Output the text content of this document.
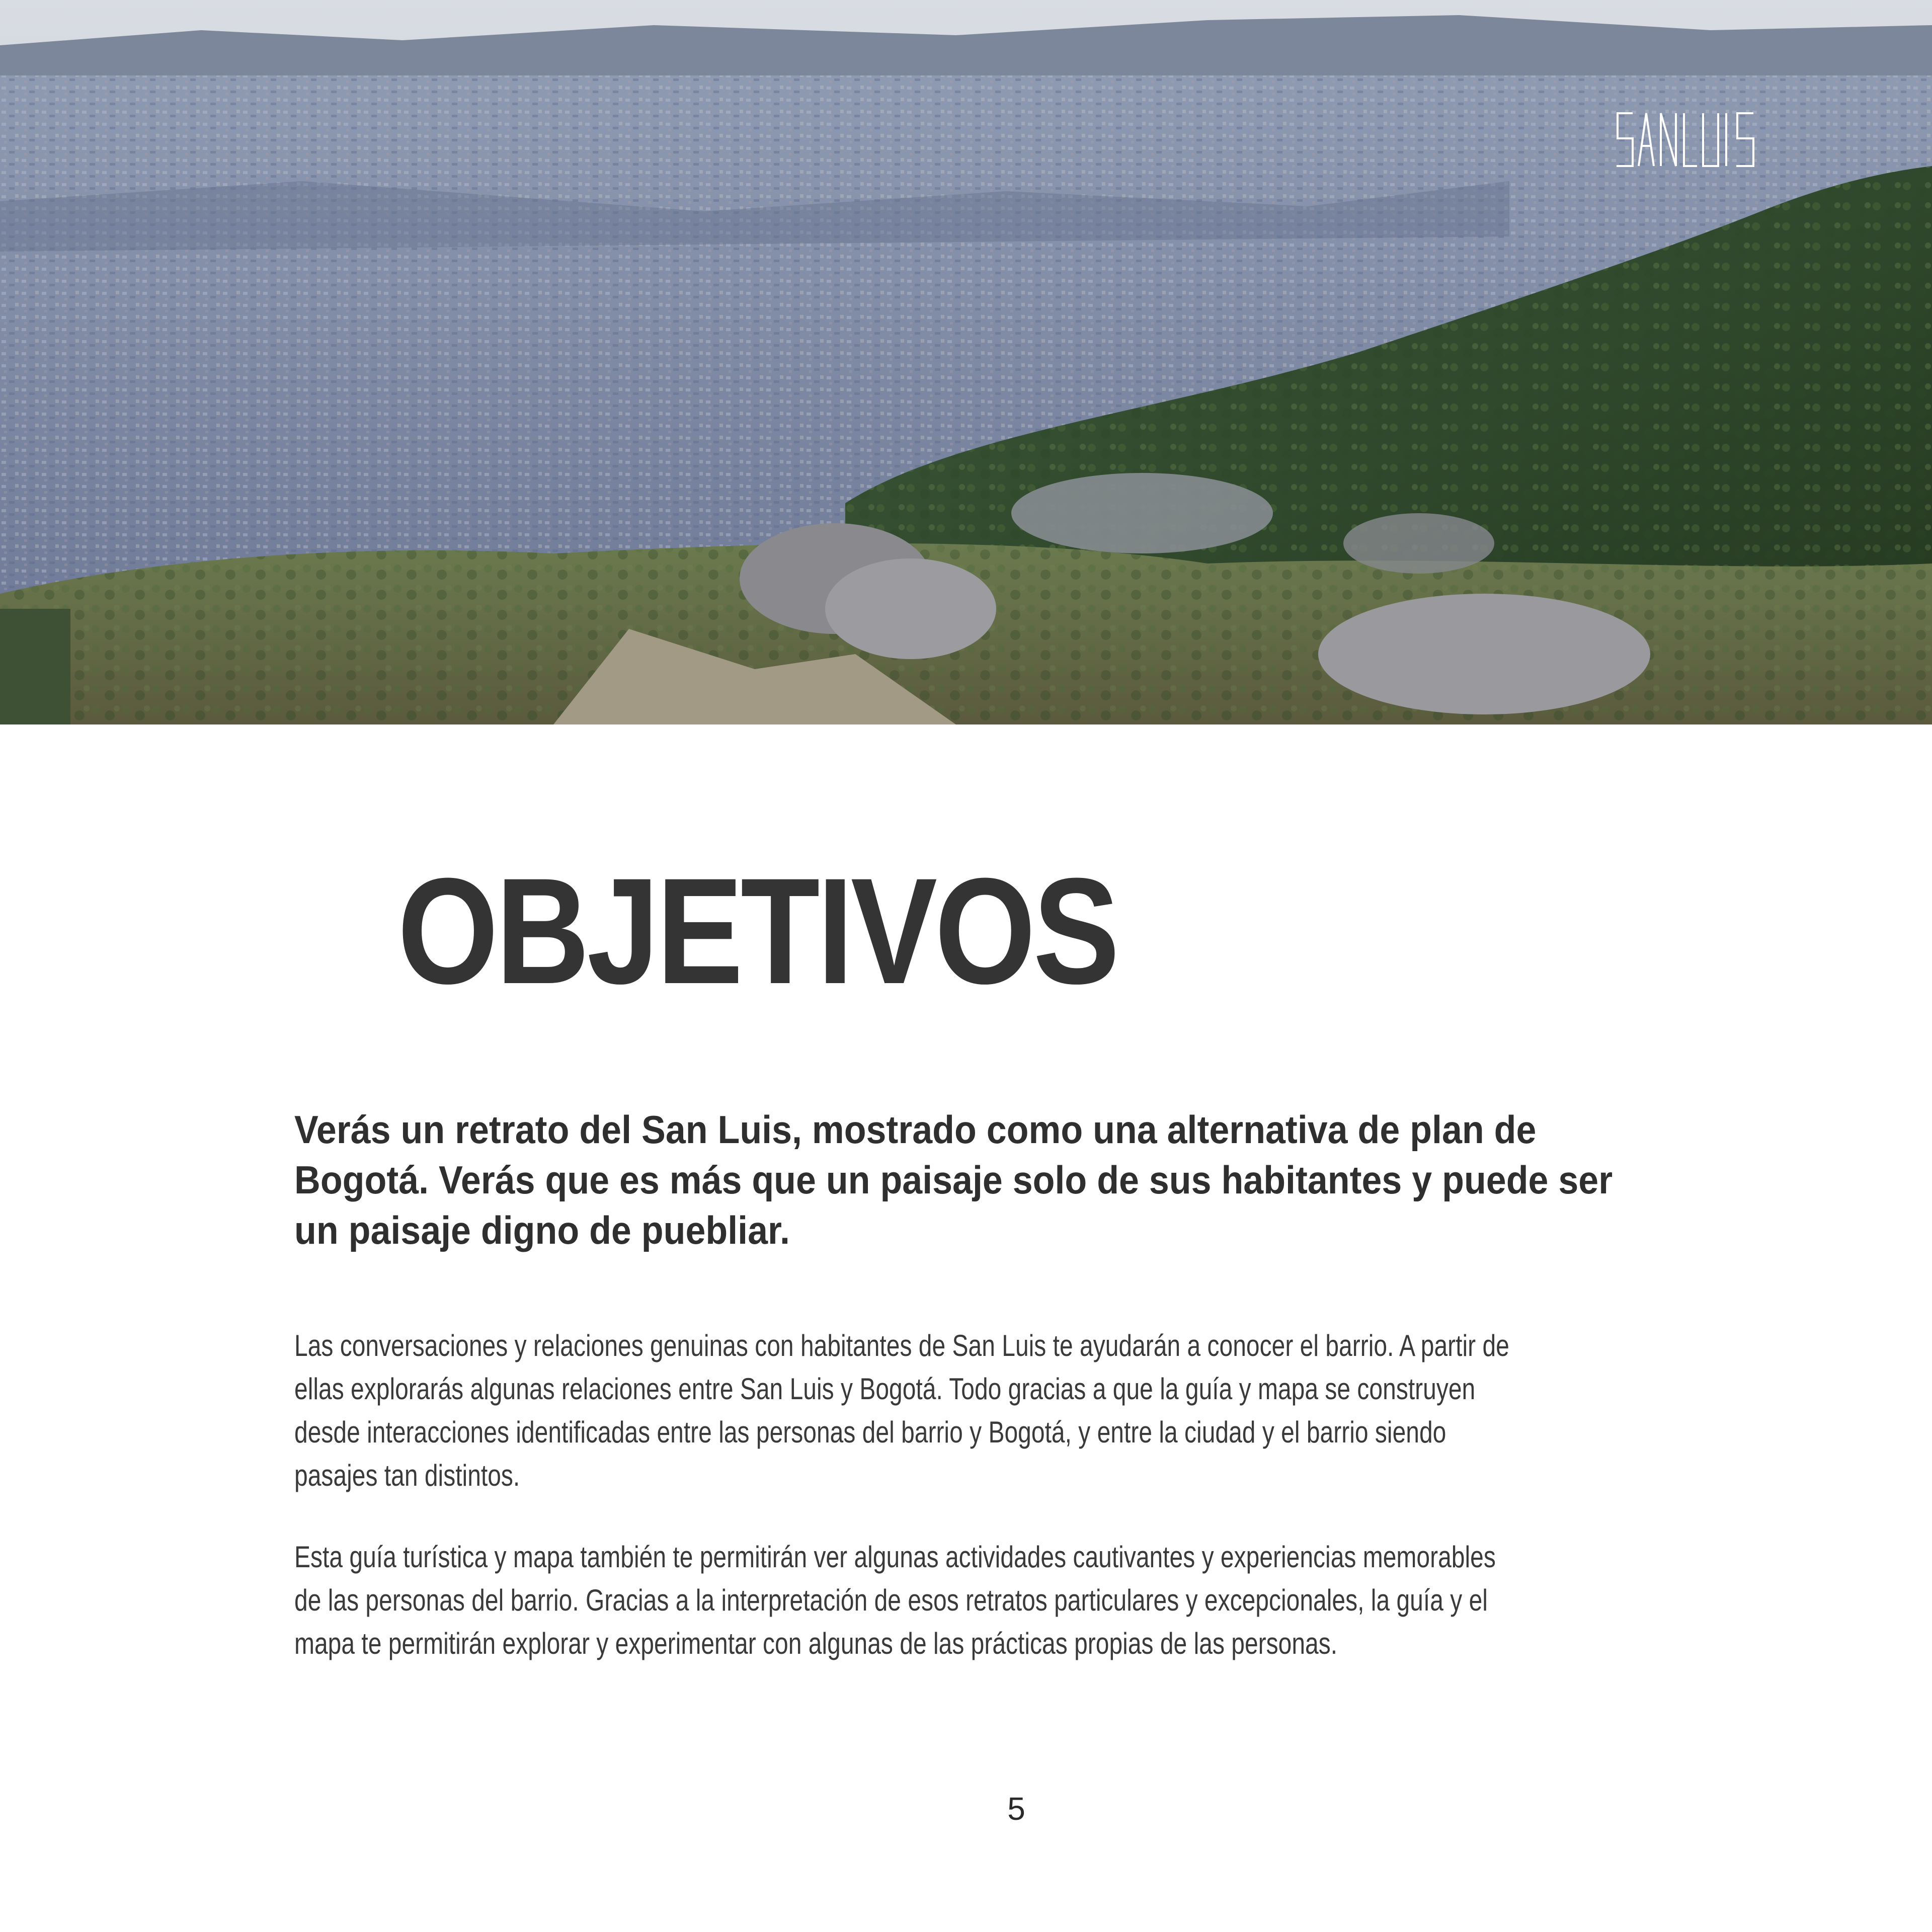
OBJETIVOS

Verás un retrato del San Luis, mostrado como una alternativa de plan de Bogotá. Verás que es más que un paisaje solo de sus habitantes y puede ser un paisaje digno de puebliar.

Las conversaciones y relaciones genuinas con habitantes de San Luis te ayudarán a conocer el barrio. A partir de ellas explorarás algunas relaciones entre San Luis y Bogotá. Todo gracias a que la guía y mapa se construyen desde interacciones identificadas entre las personas del barrio y Bogotá, y entre la ciudad y el barrio siendo pasajes tan distintos.

Esta guía turística y mapa también te permitirán ver algunas actividades cautivantes y experiencias memorables de las personas del barrio. Gracias a la interpretación de esos retratos particulares y excepcionales, la guía y el mapa te permitirán explorar y experimentar con algunas de las prácticas propias de las personas.

5
